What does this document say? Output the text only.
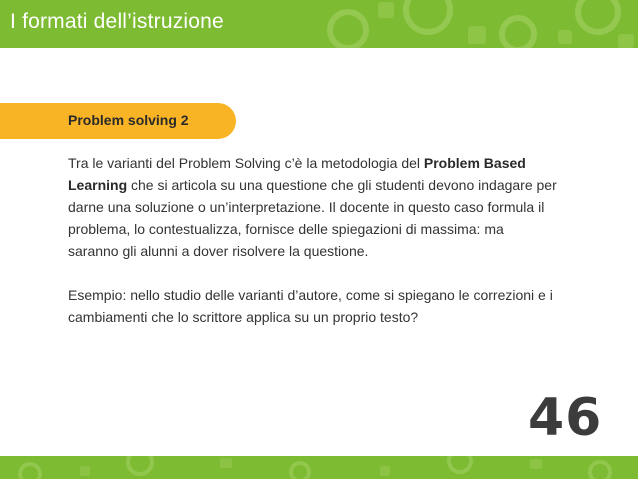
I formati dell’istruzione
Problem solving 2

Tra le varianti del Problem Solving c’è la metodologia del Problem Based Learning che si articola su una questione che gli studenti devono indagare per darne una soluzione o un’interpretazione. Il docente in questo caso formula il problema, lo contestualizza, fornisce delle spiegazioni di massima: ma saranno gli alunni a dover risolvere la questione.

Esempio: nello studio delle varianti d’autore, come si spiegano le correzioni e i cambiamenti che lo scrittore applica su un proprio testo?

46
